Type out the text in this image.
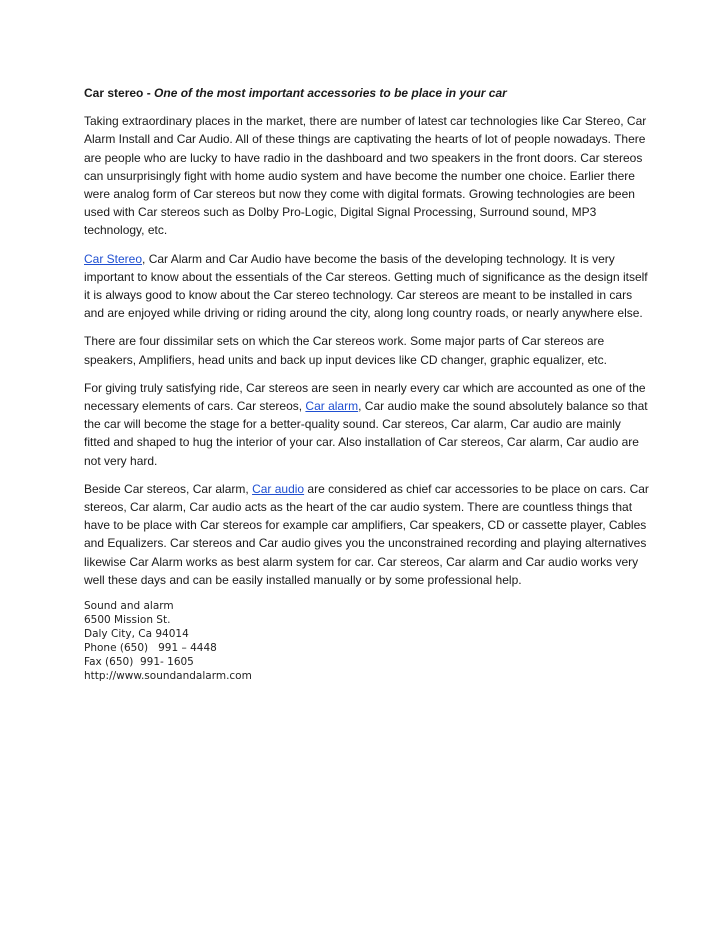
Car stereo - One of the most important accessories to be place in your car

Taking extraordinary places in the market, there are number of latest car technologies like Car Stereo, Car Alarm Install and Car Audio. All of these things are captivating the hearts of lot of people nowadays. There are people who are lucky to have radio in the dashboard and two speakers in the front doors. Car stereos can unsurprisingly fight with home audio system and have become the number one choice. Earlier there were analog form of Car stereos but now they come with digital formats. Growing technologies are been used with Car stereos such as Dolby Pro-Logic, Digital Signal Processing, Surround sound, MP3 technology, etc.

Car Stereo, Car Alarm and Car Audio have become the basis of the developing technology. It is very important to know about the essentials of the Car stereos. Getting much of significance as the design itself it is always good to know about the Car stereo technology. Car stereos are meant to be installed in cars and are enjoyed while driving or riding around the city, along long country roads, or nearly anywhere else.

There are four dissimilar sets on which the Car stereos work. Some major parts of Car stereos are speakers, Amplifiers, head units and back up input devices like CD changer, graphic equalizer, etc.

For giving truly satisfying ride, Car stereos are seen in nearly every car which are accounted as one of the necessary elements of cars. Car stereos, Car alarm, Car audio make the sound absolutely balance so that the car will become the stage for a better-quality sound. Car stereos, Car alarm, Car audio are mainly fitted and shaped to hug the interior of your car. Also installation of Car stereos, Car alarm, Car audio are not very hard.

Beside Car stereos, Car alarm, Car audio are considered as chief car accessories to be place on cars. Car stereos, Car alarm, Car audio acts as the heart of the car audio system. There are countless things that have to be place with Car stereos for example car amplifiers, Car speakers, CD or cassette player, Cables and Equalizers. Car stereos and Car audio gives you the unconstrained recording and playing alternatives likewise Car Alarm works as best alarm system for car. Car stereos, Car alarm and Car audio works very well these days and can be easily installed manually or by some professional help.

Sound and alarm
6500 Mission St.
Daly City, Ca 94014
Phone (650)   991 – 4448
Fax (650)  991- 1605
http://www.soundandalarm.com
